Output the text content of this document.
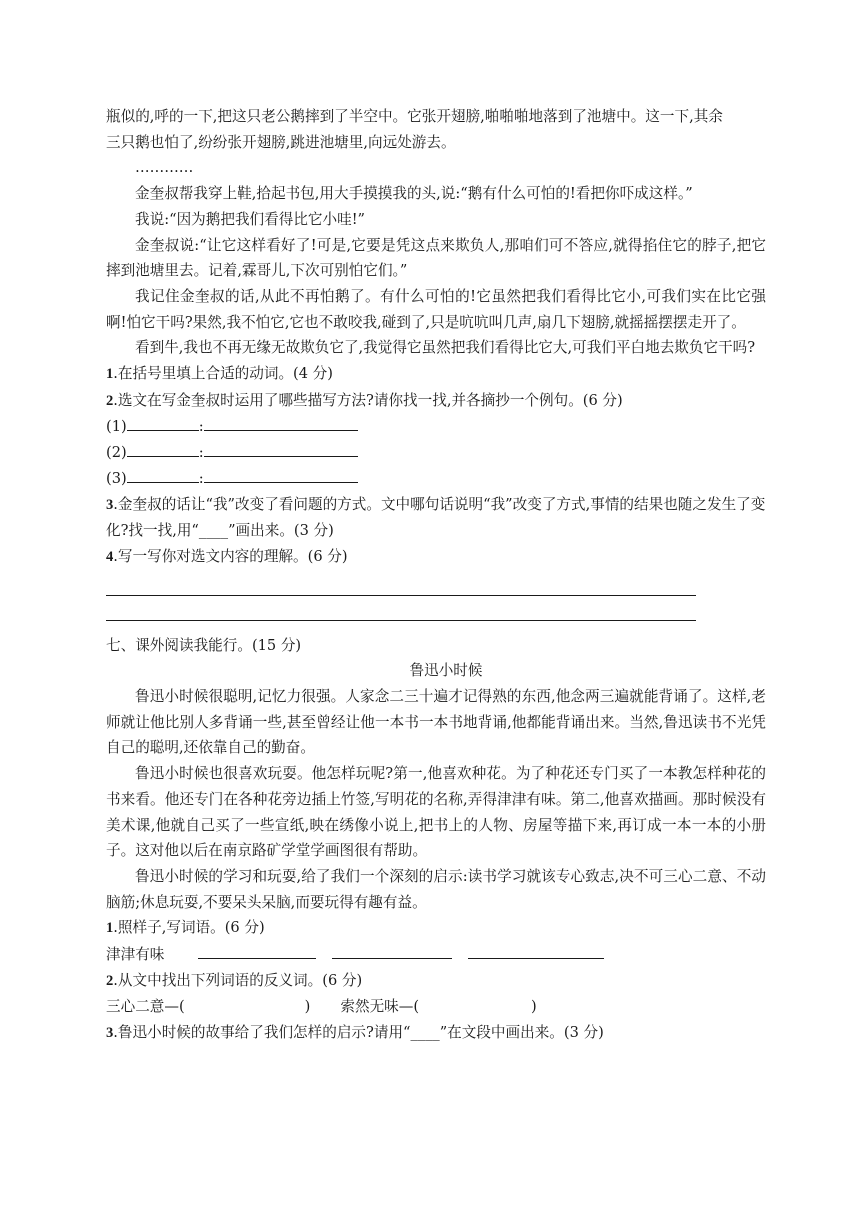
瓶似的,呼的一下,把这只老公鹅摔到了半空中。它张开翅膀,啪啪啪地落到了池塘中。这一下,其余

三只鹅也怕了,纷纷张开翅膀,跳进池塘里,向远处游去。

…………

金奎叔帮我穿上鞋,拾起书包,用大手摸摸我的头,说:“鹅有什么可怕的!看把你吓成这样。”

我说:“因为鹅把我们看得比它小哇!”

金奎叔说:“让它这样看好了!可是,它要是凭这点来欺负人,那咱们可不答应,就得掐住它的脖子,把它摔到池塘里去。记着,霖哥儿,下次可别怕它们。”

我记住金奎叔的话,从此不再怕鹅了。有什么可怕的!它虽然把我们看得比它小,可我们实在比它强啊!怕它干吗?果然,我不怕它,它也不敢咬我,碰到了,只是吭吭叫几声,扇几下翅膀,就摇摇摆摆走开了。

看到牛,我也不再无缘无故欺负它了,我觉得它虽然把我们看得比它大,可我们平白地去欺负它干吗?

1.在括号里填上合适的动词。(4 分)

2.选文在写金奎叔时运用了哪些描写方法?请你找一找,并各摘抄一个例句。(6 分)

(1)	:
(2)	:
(3)	:

3.金奎叔的话让“我”改变了看问题的方式。文中哪句话说明“我”改变了方式,事情的结果也随之发生了变化?找一找,用“____”画出来。(3 分)

4.写一写你对选文内容的理解。(6 分)

七、课外阅读我能行。(15 分)

鲁迅小时候

鲁迅小时候很聪明,记忆力很强。人家念二三十遍才记得熟的东西,他念两三遍就能背诵了。这样,老师就让他比别人多背诵一些,甚至曾经让他一本书一本书地背诵,他都能背诵出来。当然,鲁迅读书不光凭自己的聪明,还依靠自己的勤奋。

鲁迅小时候也很喜欢玩耍。他怎样玩呢?第一,他喜欢种花。为了种花还专门买了一本教怎样种花的书来看。他还专门在各种花旁边插上竹签,写明花的名称,弄得津津有味。第二,他喜欢描画。那时候没有美术课,他就自己买了一些宣纸,映在绣像小说上,把书上的人物、房屋等描下来,再订成一本一本的小册子。这对他以后在南京路矿学堂学画图很有帮助。

鲁迅小时候的学习和玩耍,给了我们一个深刻的启示:读书学习就该专心致志,决不可三心二意、不动脑筋;休息玩耍,不要呆头呆脑,而要玩得有趣有益。

1.照样子,写词语。(6 分)

津津有味

2.从文中找出下列词语的反义词。(6 分)

三心二意—(	) 索然无味—(	)

3.鲁迅小时候的故事给了我们怎样的启示?请用“____”在文段中画出来。(3 分)
